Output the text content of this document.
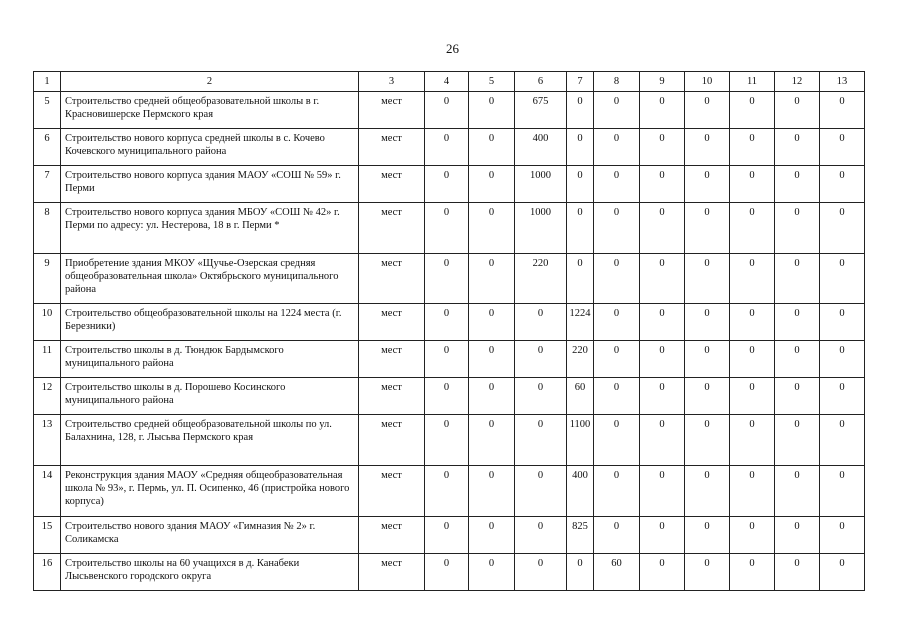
26
1	2	3	4	5	6	7	8	9	10	11	12	13
5	Строительство средней общеобразовательной школы в г. Красновишерске Пермского края	мест	0	0	675	0	0	0	0	0	0	0
6	Строительство нового корпуса средней школы в с. Кочево Кочевского муниципального района	мест	0	0	400	0	0	0	0	0	0	0
7	Строительство нового корпуса здания МАОУ «СОШ № 59» г. Перми	мест	0	0	1000	0	0	0	0	0	0	0
8	Строительство нового корпуса здания МБОУ «СОШ № 42» г. Перми по адресу: ул. Нестерова, 18 в г. Перми *	мест	0	0	1000	0	0	0	0	0	0	0
9	Приобретение здания МКОУ «Щучье-Озерская средняя общеобразовательная школа» Октябрьского муниципального района	мест	0	0	220	0	0	0	0	0	0	0
10	Строительство общеобразовательной школы на 1224 места (г. Березники)	мест	0	0	0	1224	0	0	0	0	0	0
11	Строительство школы в д. Тюндюк Бардымского муниципального района	мест	0	0	0	220	0	0	0	0	0	0
12	Строительство школы в д. Порошево Косинского муниципального района	мест	0	0	0	60	0	0	0	0	0	0
13	Строительство средней общеобразовательной школы по ул. Балахнина, 128, г. Лысьва Пермского края	мест	0	0	0	1100	0	0	0	0	0	0
14	Реконструкция здания МАОУ «Средняя общеобразовательная школа № 93», г. Пермь, ул. П. Осипенко, 46 (пристройка нового корпуса)	мест	0	0	0	400	0	0	0	0	0	0
15	Строительство нового здания МАОУ «Гимназия № 2» г. Соликамска	мест	0	0	0	825	0	0	0	0	0	0
16	Строительство школы на 60 учащихся в д. Канабеки Лысьвенского городского округа	мест	0	0	0	0	60	0	0	0	0	0
